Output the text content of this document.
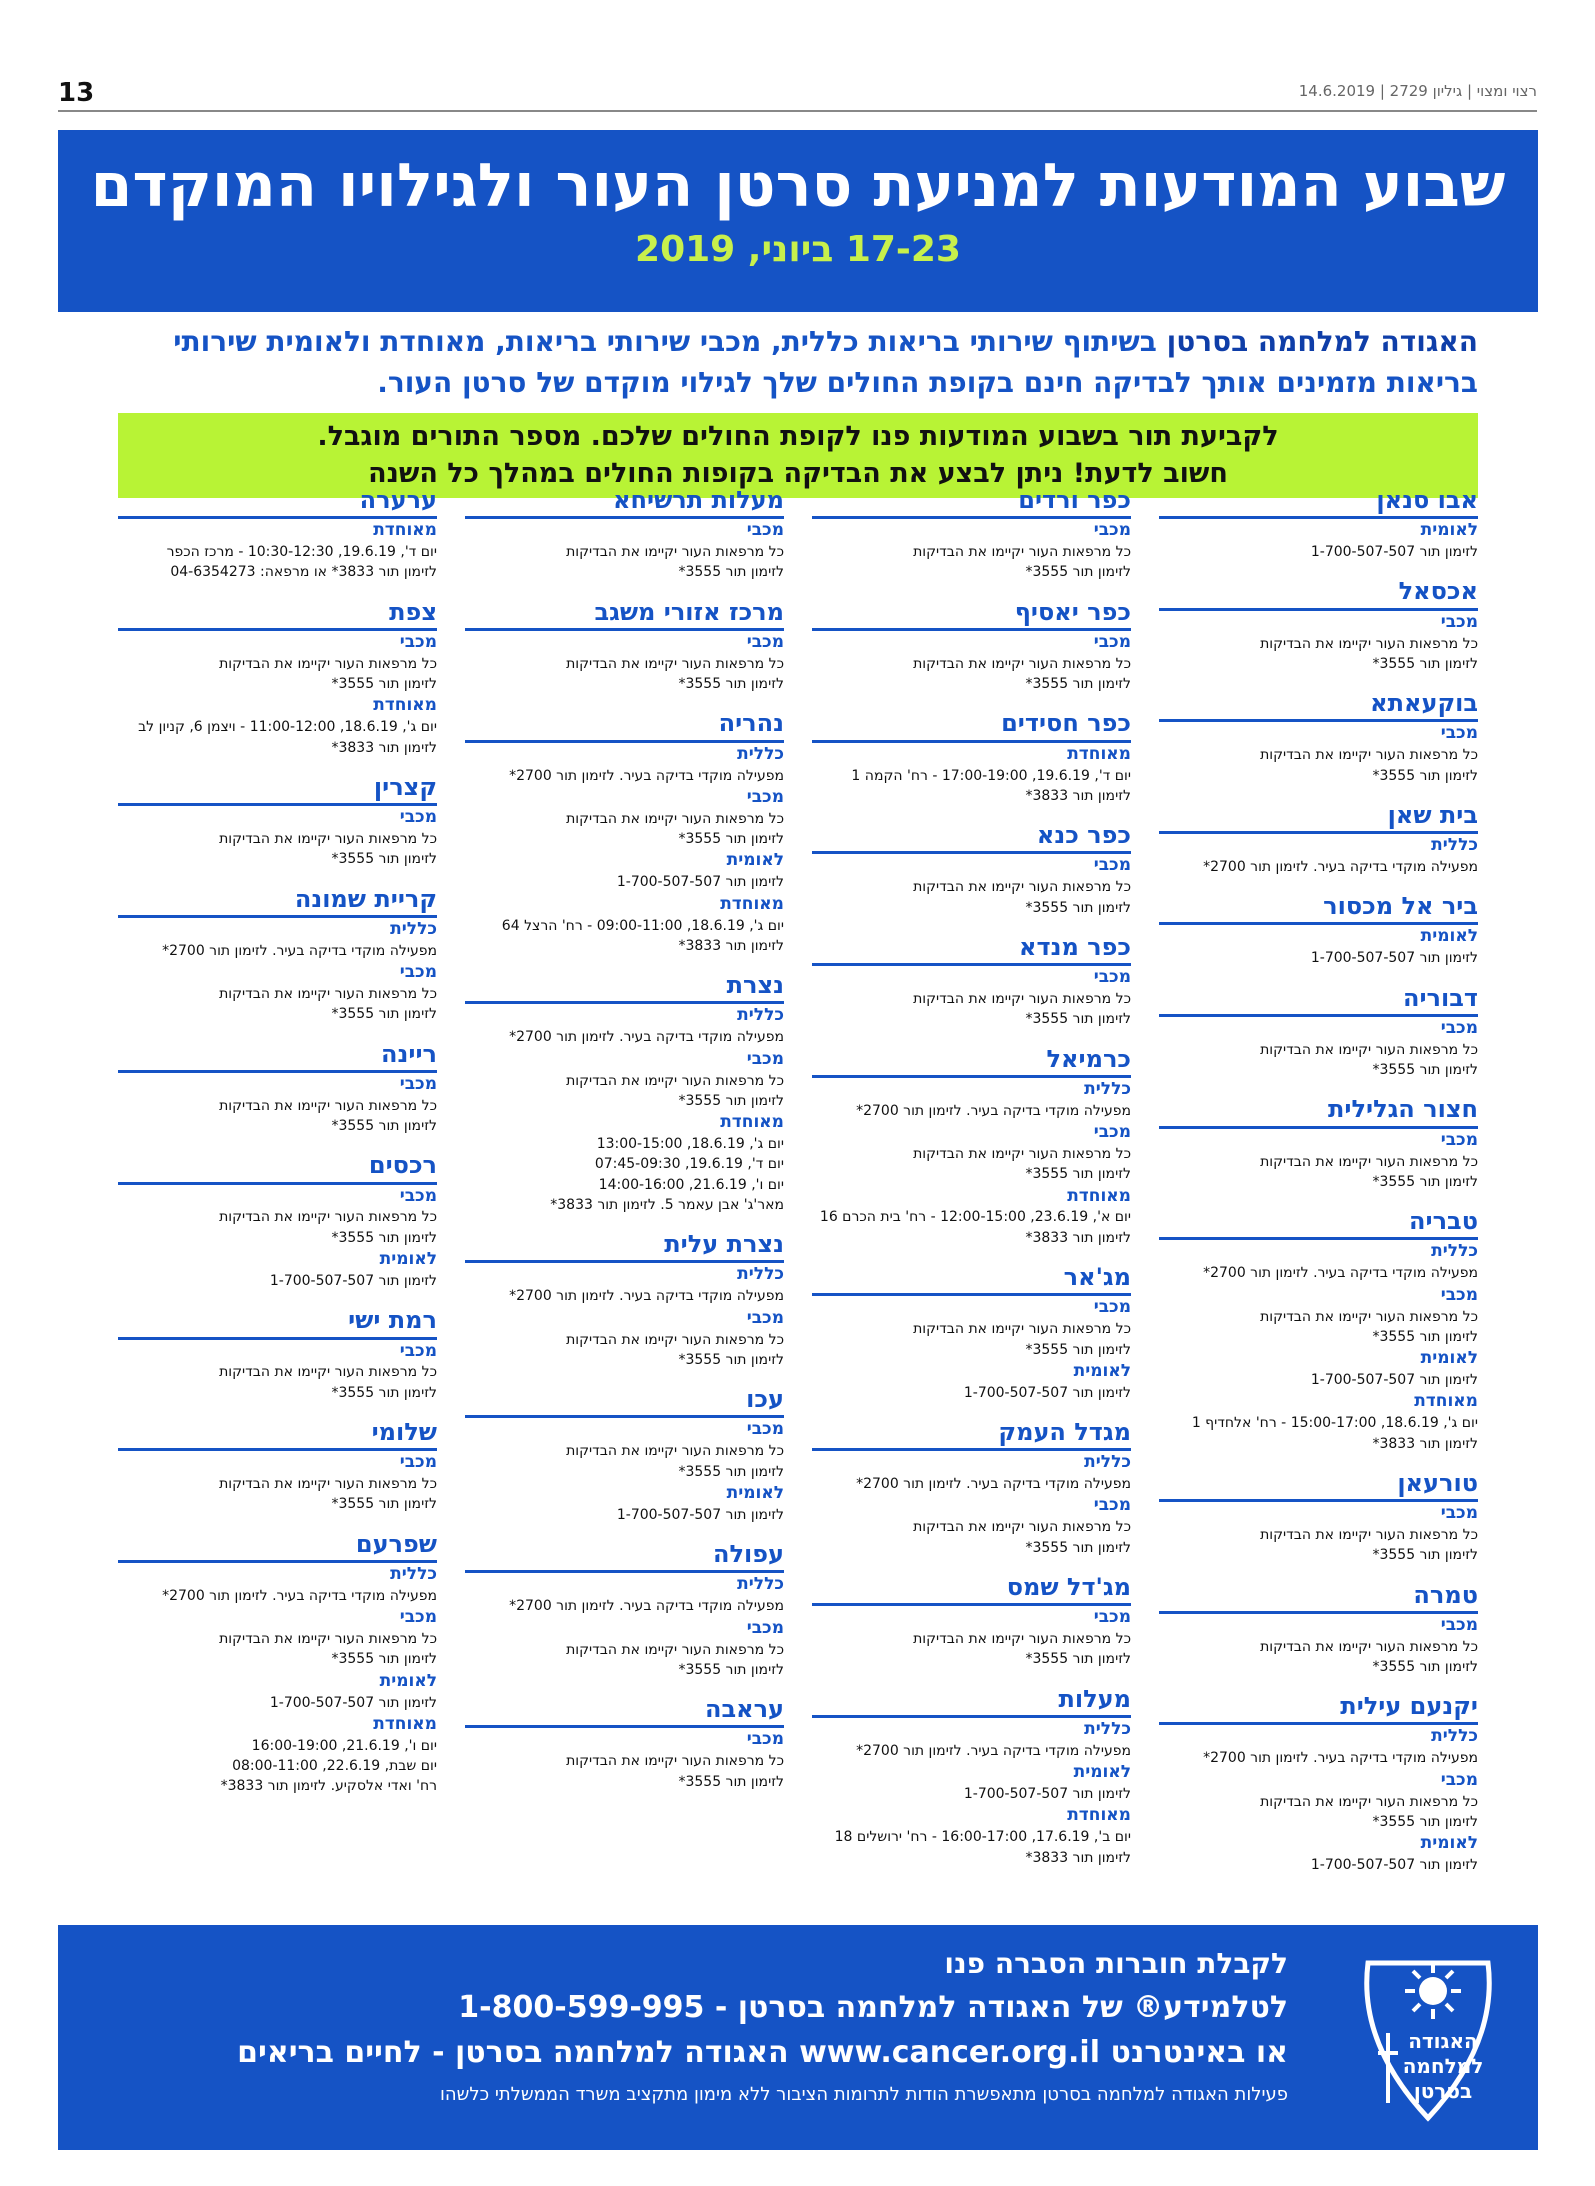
13	רצוי ומצוי | גיליון 2729 | 14.6.2019
שבוע המודעות למניעת סרטן העור ולגילויו המוקדם
17-23 ביוני, 2019
האגודה למלחמה בסרטן בשיתוף שירותי בריאות כללית, מכבי שירותי בריאות, מאוחדת ולאומית שירותי בריאות מזמינים אותך לבדיקה חינם בקופת החולים שלך לגילוי מוקדם של סרטן העור.
לקביעת תור בשבוע המודעות פנו לקופת החולים שלכם. מספר התורים מוגבל.
חשוב לדעת! ניתן לבצע את הבדיקה בקופות החולים במהלך כל השנה
אבו סנאן
לאומית
לזימון תור 1-700-507-507
אכסאל
מכבי
כל מרפאות העור יקיימו את הבדיקות
לזימון תור 3555*
בוקעאתא
מכבי
כל מרפאות העור יקיימו את הבדיקות
לזימון תור 3555*
בית שאן
כללית
מפעילה מוקדי בדיקה בעיר. לזימון תור 2700*
ביר אל מכסור
לאומית
לזימון תור 1-700-507-507
דבוריה
מכבי
כל מרפאות העור יקיימו את הבדיקות
לזימון תור 3555*
חצור הגלילית
מכבי
כל מרפאות העור יקיימו את הבדיקות
לזימון תור 3555*
טבריה
כללית
מפעילה מוקדי בדיקה בעיר. לזימון תור 2700*
מכבי
כל מרפאות העור יקיימו את הבדיקות
לזימון תור 3555*
לאומית
לזימון תור 1-700-507-507
מאוחדת
יום ג', 18.6.19, 15:00-17:00 - רח' אלחדיף 1
לזימון תור 3833*
טורעאן
מכבי
כל מרפאות העור יקיימו את הבדיקות
לזימון תור 3555*
טמרה
מכבי
כל מרפאות העור יקיימו את הבדיקות
לזימון תור 3555*
יקנעם עילית
כללית
מפעילה מוקדי בדיקה בעיר. לזימון תור 2700*
מכבי
כל מרפאות העור יקיימו את הבדיקות
לזימון תור 3555*
לאומית
לזימון תור 1-700-507-507
כפר ורדים
מכבי
כל מרפאות העור יקיימו את הבדיקות
לזימון תור 3555*
כפר יאסיף
מכבי
כל מרפאות העור יקיימו את הבדיקות
לזימון תור 3555*
כפר חסידים
מאוחדת
יום ד', 19.6.19, 17:00-19:00 - רח' הקמה 1
לזימון תור 3833*
כפר כנא
מכבי
כל מרפאות העור יקיימו את הבדיקות
לזימון תור 3555*
כפר מנדא
מכבי
כל מרפאות העור יקיימו את הבדיקות
לזימון תור 3555*
כרמיאל
כללית
מפעילה מוקדי בדיקה בעיר. לזימון תור 2700*
מכבי
כל מרפאות העור יקיימו את הבדיקות
לזימון תור 3555*
מאוחדת
יום א', 23.6.19, 12:00-15:00 - רח' בית הכרם 16
לזימון תור 3833*
מג'אר
מכבי
כל מרפאות העור יקיימו את הבדיקות
לזימון תור 3555*
לאומית
לזימון תור 1-700-507-507
מגדל העמק
כללית
מפעילה מוקדי בדיקה בעיר. לזימון תור 2700*
מכבי
כל מרפאות העור יקיימו את הבדיקות
לזימון תור 3555*
מג'דל שמס
מכבי
כל מרפאות העור יקיימו את הבדיקות
לזימון תור 3555*
מעלות
כללית
מפעילה מוקדי בדיקה בעיר. לזימון תור 2700*
לאומית
לזימון תור 1-700-507-507
מאוחדת
יום ב', 17.6.19, 16:00-17:00 - רח' ירושלים 18
לזימון תור 3833*
מעלות תרשיחא
מכבי
כל מרפאות העור יקיימו את הבדיקות
לזימון תור 3555*
מרכז אזורי משגב
מכבי
כל מרפאות העור יקיימו את הבדיקות
לזימון תור 3555*
נהריה
כללית
מפעילה מוקדי בדיקה בעיר. לזימון תור 2700*
מכבי
כל מרפאות העור יקיימו את הבדיקות
לזימון תור 3555*
לאומית
לזימון תור 1-700-507-507
מאוחדת
יום ג', 18.6.19, 09:00-11:00 - רח' הרצל 64
לזימון תור 3833*
נצרת
כללית
מפעילה מוקדי בדיקה בעיר. לזימון תור 2700*
מכבי
כל מרפאות העור יקיימו את הבדיקות
לזימון תור 3555*
מאוחדת
יום ג', 18.6.19, 13:00-15:00
יום ד', 19.6.19, 07:45-09:30
יום ו', 21.6.19, 14:00-16:00
מאר'ג' אבן עאמר 5. לזימון תור 3833*
נצרת עלית
כללית
מפעילה מוקדי בדיקה בעיר. לזימון תור 2700*
מכבי
כל מרפאות העור יקיימו את הבדיקות
לזימון תור 3555*
עכו
מכבי
כל מרפאות העור יקיימו את הבדיקות
לזימון תור 3555*
לאומית
לזימון תור 1-700-507-507
עפולה
כללית
מפעילה מוקדי בדיקה בעיר. לזימון תור 2700*
מכבי
כל מרפאות העור יקיימו את הבדיקות
לזימון תור 3555*
עראבה
מכבי
כל מרפאות העור יקיימו את הבדיקות
לזימון תור 3555*
ערערה
מאוחדת
יום ד', 19.6.19, 10:30-12:30 - מרכז הכפר
לזימון תור 3833* או מרפאה: 04-6354273
צפת
מכבי
כל מרפאות העור יקיימו את הבדיקות
לזימון תור 3555*
מאוחדת
יום ג', 18.6.19, 11:00-12:00 - ויצמן 6, קניון לב
לזימון תור 3833*
קצרין
מכבי
כל מרפאות העור יקיימו את הבדיקות
לזימון תור 3555*
קריית שמונה
כללית
מפעילה מוקדי בדיקה בעיר. לזימון תור 2700*
מכבי
כל מרפאות העור יקיימו את הבדיקות
לזימון תור 3555*
ריינה
מכבי
כל מרפאות העור יקיימו את הבדיקות
לזימון תור 3555*
רכסים
מכבי
כל מרפאות העור יקיימו את הבדיקות
לזימון תור 3555*
לאומית
לזימון תור 1-700-507-507
רמת ישי
מכבי
כל מרפאות העור יקיימו את הבדיקות
לזימון תור 3555*
שלומי
מכבי
כל מרפאות העור יקיימו את הבדיקות
לזימון תור 3555*
שפרעם
כללית
מפעילה מוקדי בדיקה בעיר. לזימון תור 2700*
מכבי
כל מרפאות העור יקיימו את הבדיקות
לזימון תור 3555*
לאומית
לזימון תור 1-700-507-507
מאוחדת
יום ו', 21.6.19, 16:00-19:00
יום שבת, 22.6.19, 08:00-11:00
רח' ואדי אלסקיע. לזימון תור 3833*
האגודה
למלחמה
בסרטן
לקבלת חוברות הסברה פנו
לטלמידע® של האגודה למלחמה בסרטן - 1-800-599-995
או באינטרנט www.cancer.org.il האגודה למלחמה בסרטן - לחיים בריאים
פעילות האגודה למלחמה בסרטן מתאפשרת הודות לתרומות הציבור ללא מימון מתקציב משרד הממשלתי כלשהו
